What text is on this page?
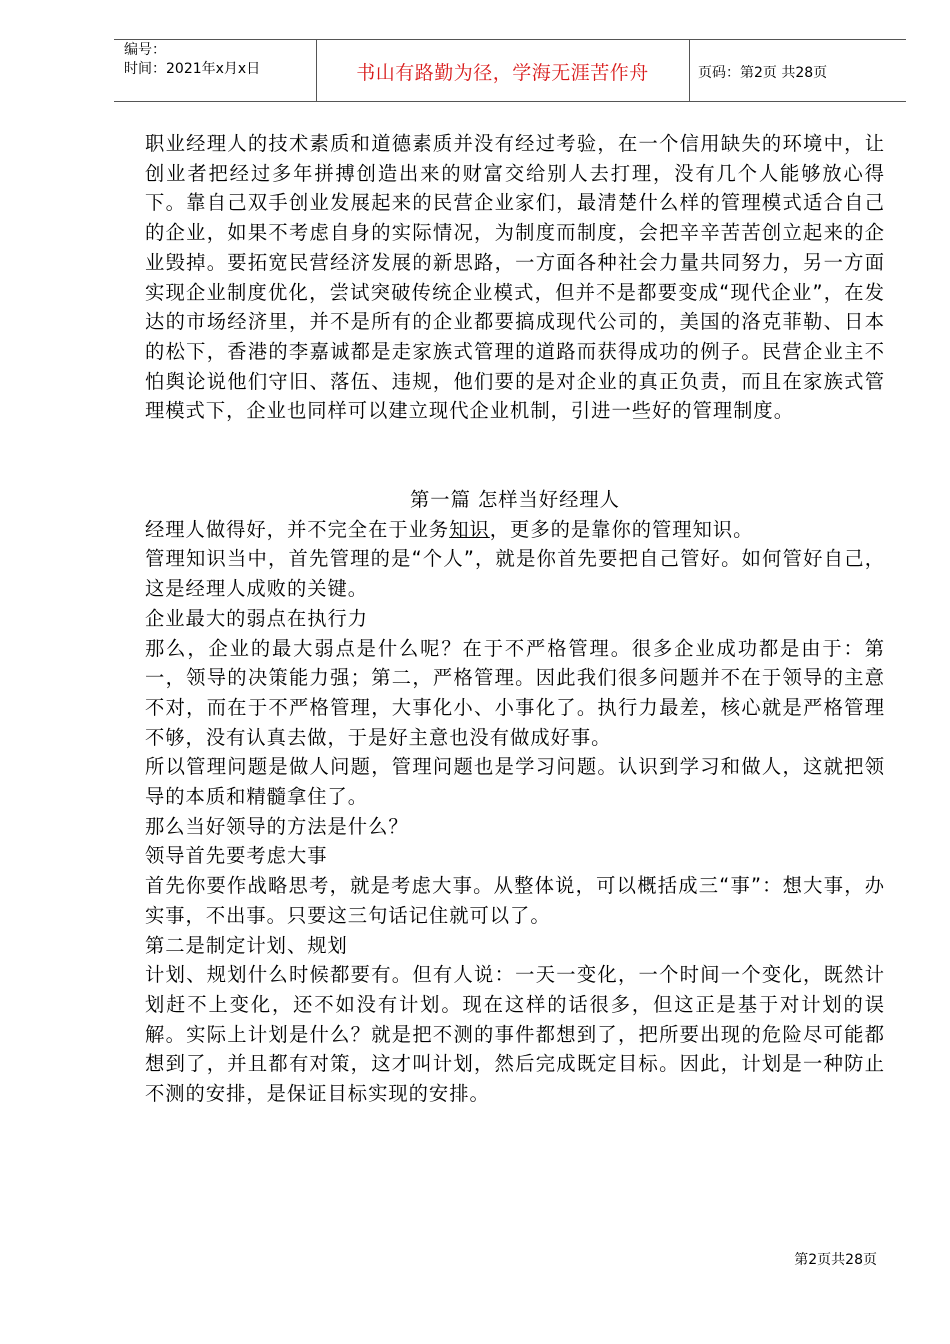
编号：
时间：2021年x月x日	书山有路勤为径，学海无涯苦作舟	页码：第2页 共28页

职业经理人的技术素质和道德素质并没有经过考验，在一个信用缺失的环境中，让创业者把经过多年拼搏创造出来的财富交给别人去打理，没有几个人能够放心得下。靠自己双手创业发展起来的民营企业家们，最清楚什么样的管理模式适合自己的企业，如果不考虑自身的实际情况，为制度而制度，会把辛辛苦苦创立起来的企业毁掉。要拓宽民营经济发展的新思路，一方面各种社会力量共同努力，另一方面实现企业制度优化，尝试突破传统企业模式，但并不是都要变成“现代企业”，在发达的市场经济里，并不是所有的企业都要搞成现代公司的，美国的洛克菲勒、日本的松下，香港的李嘉诚都是走家族式管理的道路而获得成功的例子。民营企业主不怕舆论说他们守旧、落伍、违规，他们要的是对企业的真正负责，而且在家族式管理模式下，企业也同样可以建立现代企业机制，引进一些好的管理制度。

第一篇 怎样当好经理人

经理人做得好，并不完全在于业务知识，更多的是靠你的管理知识。

管理知识当中，首先管理的是“个人”，就是你首先要把自己管好。如何管好自己，这是经理人成败的关键。

企业最大的弱点在执行力

那么，企业的最大弱点是什么呢？在于不严格管理。很多企业成功都是由于：第一，领导的决策能力强；第二，严格管理。因此我们很多问题并不在于领导的主意不对，而在于不严格管理，大事化小、小事化了。执行力最差，核心就是严格管理不够，没有认真去做，于是好主意也没有做成好事。

所以管理问题是做人问题，管理问题也是学习问题。认识到学习和做人，这就把领导的本质和精髓拿住了。

那么当好领导的方法是什么？

领导首先要考虑大事

首先你要作战略思考，就是考虑大事。从整体说，可以概括成三“事”：想大事，办实事，不出事。只要这三句话记住就可以了。

第二是制定计划、规划

计划、规划什么时候都要有。但有人说：一天一变化，一个时间一个变化，既然计划赶不上变化，还不如没有计划。现在这样的话很多，但这正是基于对计划的误解。实际上计划是什么？就是把不测的事件都想到了，把所要出现的危险尽可能都想到了，并且都有对策，这才叫计划，然后完成既定目标。因此，计划是一种防止不测的安排，是保证目标实现的安排。

第2页共28页
